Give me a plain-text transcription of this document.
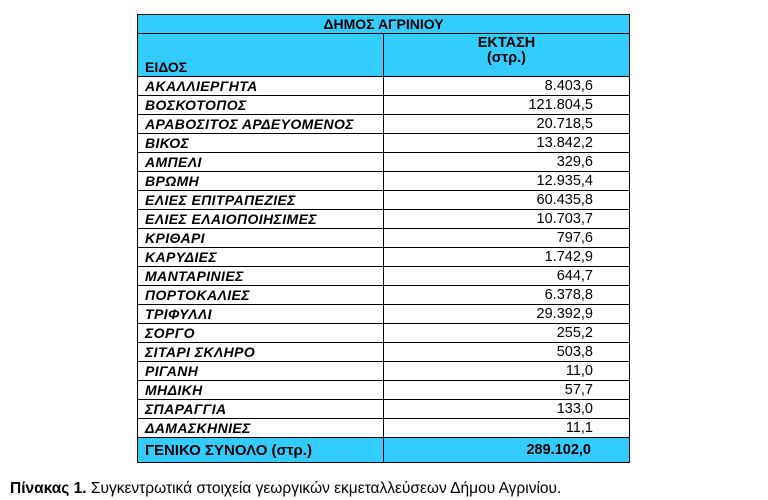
ΔΗΜΟΣ ΑΓΡΙΝΙΟΥ	
ΕΙΔΟΣ	ΕΚΤΑΣΗ
(στρ.)

ΑΚΑΛΛΙΕΡΓΗΤΑ	8.403,6
ΒΟΣΚΟΤΟΠΟΣ	121.804,5
ΑΡΑΒΟΣΙΤΟΣ ΑΡΔΕΥΟΜΕΝΟΣ	20.718,5
ΒΙΚΟΣ	13.842,2
ΑΜΠΕΛΙ	329,6
ΒΡΩΜΗ	12.935,4
ΕΛΙΕΣ ΕΠΙΤΡΑΠΕΖΙΕΣ	60.435,8
ΕΛΙΕΣ ΕΛΑΙΟΠΟΙΗΣΙΜΕΣ	10.703,7
ΚΡΙΘΑΡΙ	797,6
ΚΑΡΥΔΙΕΣ	1.742,9
ΜΑΝΤΑΡΙΝΙΕΣ	644,7
ΠΟΡΤΟΚΑΛΙΕΣ	6.378,8
ΤΡΙΦΥΛΛΙ	29.392,9
ΣΟΡΓΟ	255,2
ΣΙΤΑΡΙ ΣΚΛΗΡΟ	503,8
ΡΙΓΑΝΗ	11,0
ΜΗΔΙΚΗ	57,7
ΣΠΑΡΑΓΓΙΑ	133,0
ΔΑΜΑΣΚΗΝΙΕΣ	11,1
ΓΕΝΙΚΟ ΣΥΝΟΛΟ (στρ.)	289.102,0
Πίνακας 1. Συγκεντρωτικά στοιχεία γεωργικών εκμεταλλεύσεων Δήμου Αγρινίου.
